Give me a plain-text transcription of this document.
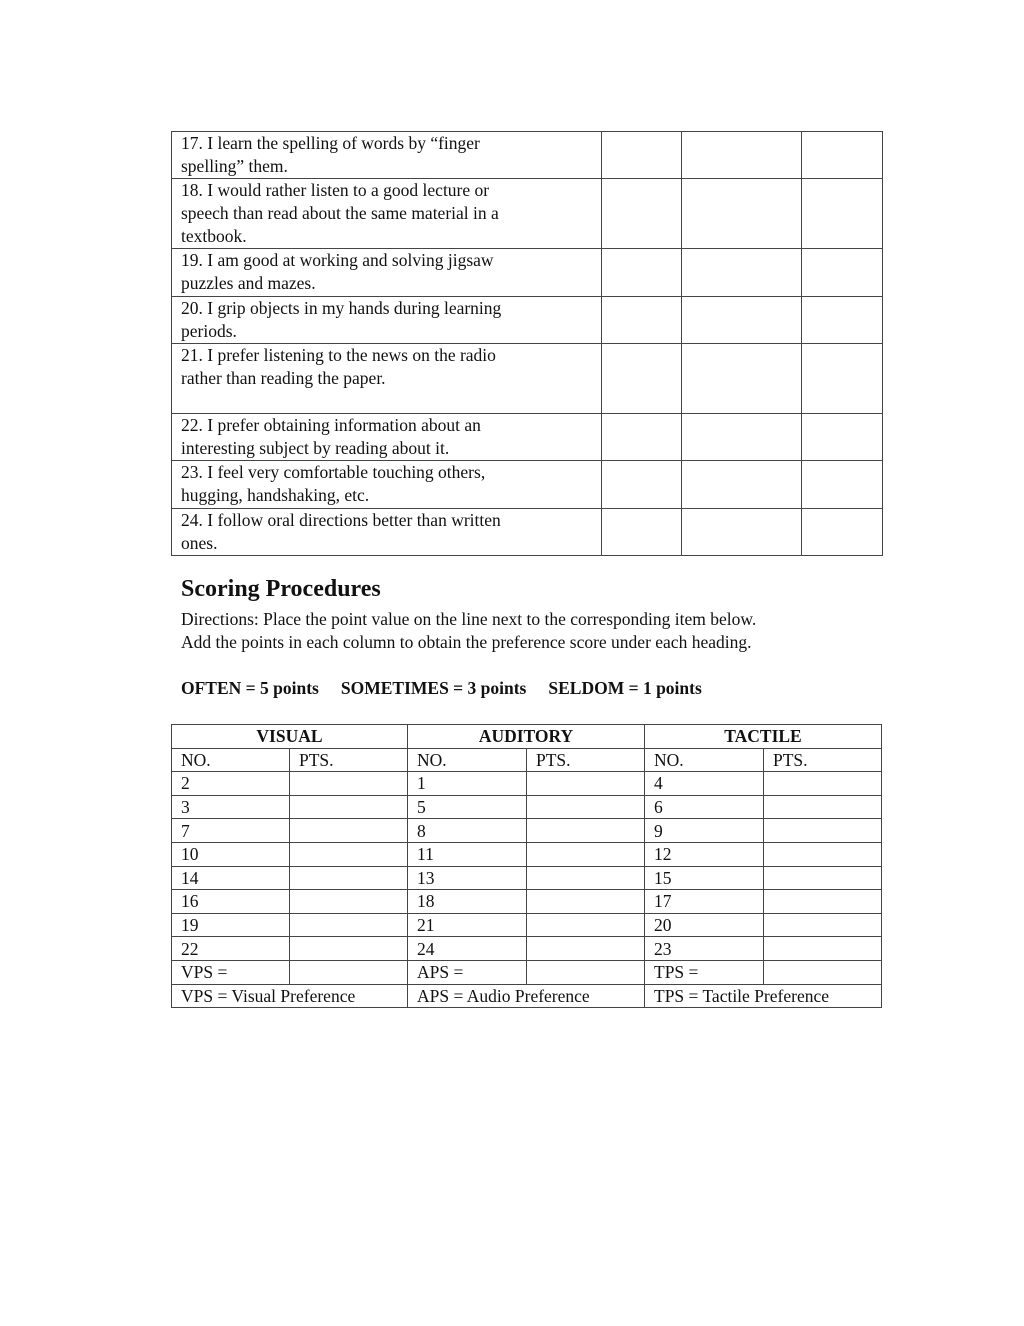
17. I learn the spelling of words by “finger
spelling” them.			

18. I would rather listen to a good lecture or
speech than read about the same material in a
textbook.			

19. I am good at working and solving jigsaw
puzzles and mazes.			

20. I grip objects in my hands during learning
periods.			

21. I prefer listening to the news on the radio
rather than reading the paper.			

22. I prefer obtaining information about an
interesting subject by reading about it.			

23. I feel very comfortable touching others,
hugging, handshaking, etc.			

24. I follow oral directions better than written
ones.			

Scoring Procedures

Directions: Place the point value on the line next to the corresponding item below.

Add the points in each column to obtain the preference score under each heading.

OFTEN = 5 points SOMETIMES = 3 points SELDOM = 1 points

VISUAL		AUDITORY		TACTILE	
NO.	PTS.	NO.	PTS.	NO.	PTS.
2		1		4	
3		5		6	
7		8		9	
10		11		12	
14		13		15	
16		18		17	
19		21		20	
22		24		23	
VPS =		APS =		TPS =	
VPS = Visual Preference		APS = Audio Preference		TPS = Tactile Preference	
